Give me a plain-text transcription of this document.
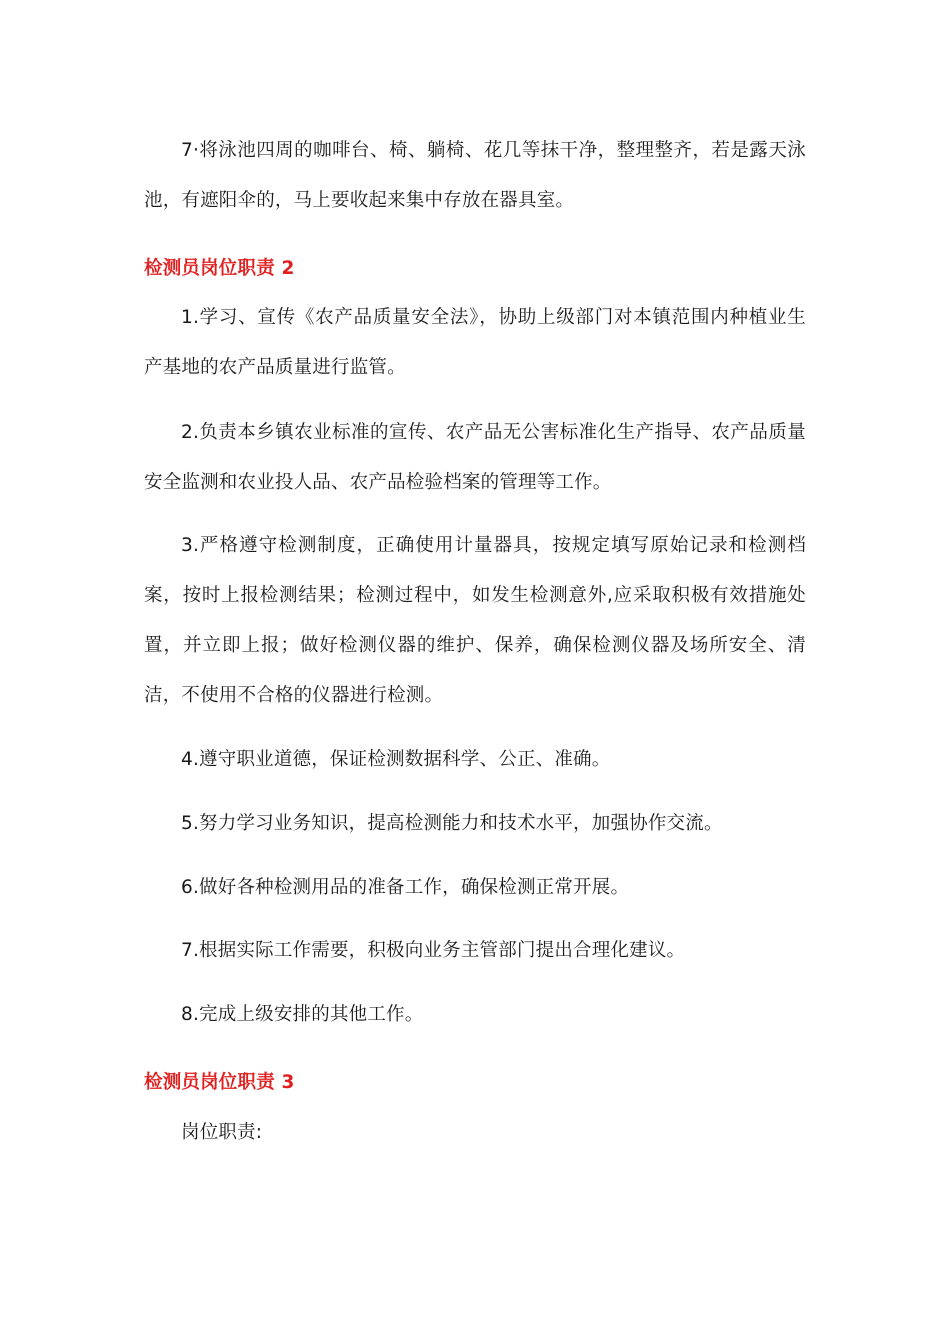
7·将泳池四周的咖啡台、椅、躺椅、花几等抹干净，整理整齐，若是露天泳池，有遮阳伞的，马上要收起来集中存放在器具室。

检测员岗位职责 2

1.学习、宣传《农产品质量安全法》，协助上级部门对本镇范围内种植业生产基地的农产品质量进行监管。

2.负责本乡镇农业标准的宣传、农产品无公害标准化生产指导、农产品质量安全监测和农业投人品、农产品检验档案的管理等工作。

3.严格遵守检测制度，正确使用计量器具，按规定填写原始记录和检测档案，按时上报检测结果；检测过程中，如发生检测意外,应采取积极有效措施处置，并立即上报；做好检测仪器的维护、保养，确保检测仪器及场所安全、清洁，不使用不合格的仪器进行检测。

4.遵守职业道德，保证检测数据科学、公正、准确。

5.努力学习业务知识，提高检测能力和技术水平，加强协作交流。

6.做好各种检测用品的准备工作，确保检测正常开展。

7.根据实际工作需要，积极向业务主管部门提出合理化建议。

8.完成上级安排的其他工作。

检测员岗位职责 3

岗位职责:
